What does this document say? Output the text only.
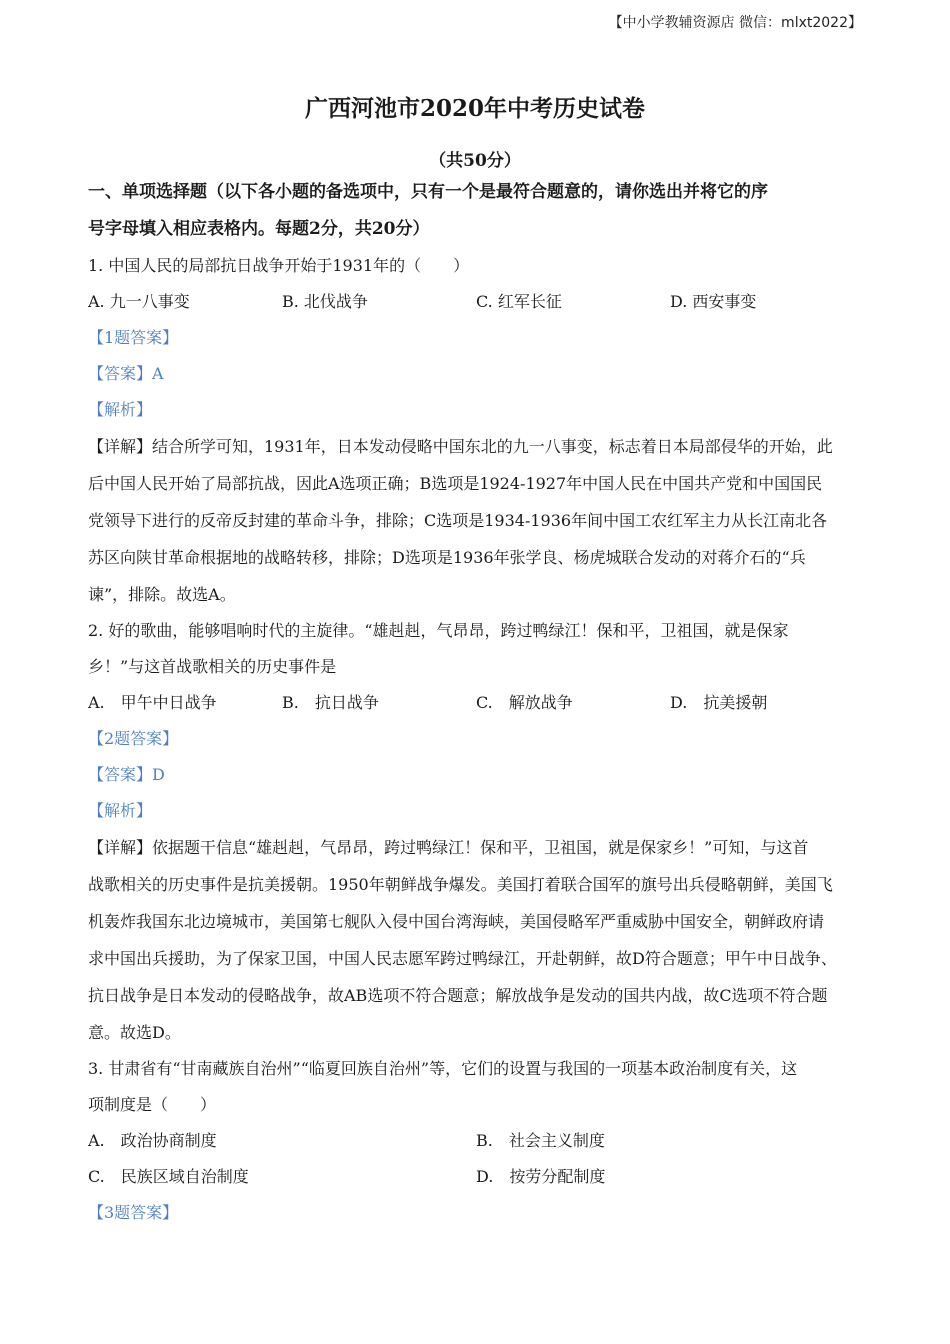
【中小学教辅资源店 微信：mlxt2022】
广西河池市2020年中考历史试卷
（共50分）
一、单项选择题（以下各小题的备选项中，只有一个是最符合题意的，请你选出并将它的序
号字母填入相应表格内。每题2分，共20分）
1. 中国人民的局部抗日战争开始于1931年的（　　）
A. 九一八事变	B. 北伐战争	C. 红军长征	D. 西安事变
【1题答案】
【答案】A
【解析】
【详解】结合所学可知，1931年，日本发动侵略中国东北的九一八事变，标志着日本局部侵华的开始，此
后中国人民开始了局部抗战，因此A选项正确；B选项是1924-1927年中国人民在中国共产党和中国国民
党领导下进行的反帝反封建的革命斗争，排除；C选项是1934-1936年间中国工农红军主力从长江南北各
苏区向陕甘革命根据地的战略转移，排除；D选项是1936年张学良、杨虎城联合发动的对蒋介石的“兵
谏”，排除。故选A。
2. 好的歌曲，能够唱响时代的主旋律。“雄赳赳，气昂昂，跨过鸭绿江！保和平，卫祖国，就是保家
乡！”与这首战歌相关的历史事件是
A.　甲午中日战争	B.　抗日战争	C.　解放战争	D.　抗美援朝
【2题答案】
【答案】D
【解析】
【详解】依据题干信息“雄赳赳，气昂昂，跨过鸭绿江！保和平，卫祖国，就是保家乡！”可知，与这首
战歌相关的历史事件是抗美援朝。1950年朝鲜战争爆发。美国打着联合国军的旗号出兵侵略朝鲜，美国飞
机轰炸我国东北边境城市，美国第七舰队入侵中国台湾海峡，美国侵略军严重威胁中国安全，朝鲜政府请
求中国出兵援助，为了保家卫国，中国人民志愿军跨过鸭绿江，开赴朝鲜，故D符合题意；甲午中日战争、
抗日战争是日本发动的侵略战争，故AB选项不符合题意；解放战争是发动的国共内战，故C选项不符合题
意。故选D。
3. 甘肃省有“甘南藏族自治州”“临夏回族自治州”等，它们的设置与我国的一项基本政治制度有关，这
项制度是（　　）
A.　政治协商制度	B.　社会主义制度
C.　民族区域自治制度	D.　按劳分配制度
【3题答案】
